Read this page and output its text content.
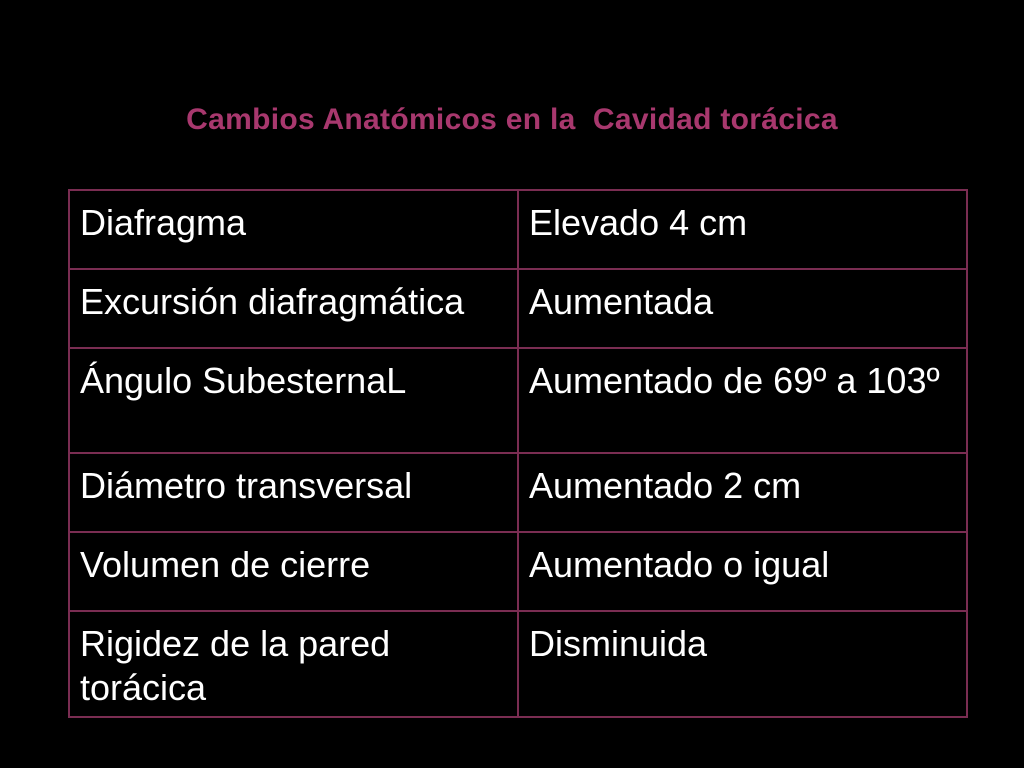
Cambios Anatómicos en la  Cavidad torácica
Diafragma	Elevado 4 cm
Excursión diafragmática	Aumentada
Ángulo SubesternaL	Aumentado de 69º a 103º
Diámetro transversal	Aumentado 2 cm
Volumen de cierre	Aumentado o igual
Rigidez de la pared torácica	Disminuida
